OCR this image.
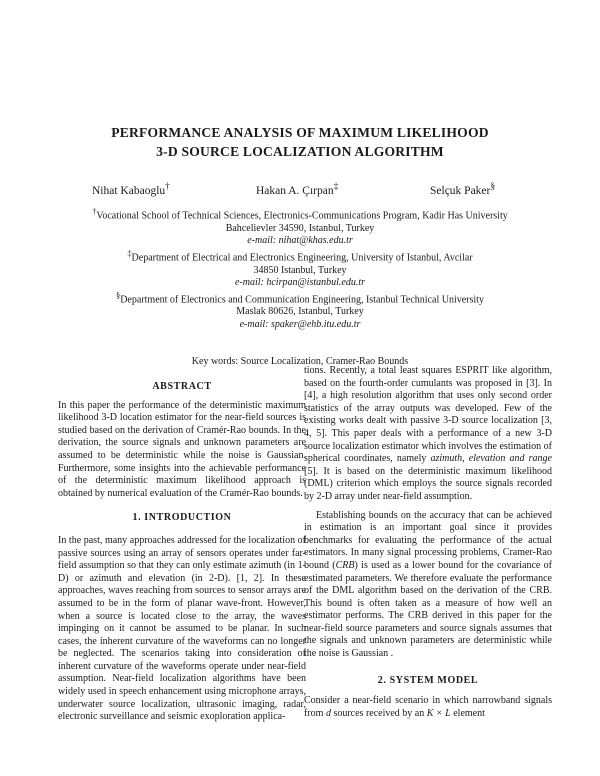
PERFORMANCE ANALYSIS OF MAXIMUM LIKELIHOOD
3-D SOURCE LOCALIZATION ALGORITHM
Nihat Kabaoglu†	Hakan A. Çırpan‡	Selçuk Paker§
†Vocational School of Technical Sciences, Electronics-Communications Program, Kadir Has University
Bahcelievler 34590, Istanbul, Turkey
e-mail: nihat@khas.edu.tr
‡Department of Electrical and Electronics Engineering, University of Istanbul, Avcilar
34850 Istanbul, Turkey
e-mail: hcirpan@istanbul.edu.tr
§Department of Electronics and Communication Engineering, Istanbul Technical University
Maslak 80626, Istanbul, Turkey
e-mail: spaker@ehb.itu.edu.tr
Key words: Source Localization, Cramer-Rao Bounds
ABSTRACT

In this paper the performance of the deterministic maximum likelihood 3-D location estimator for the near-field sources is studied based on the derivation of Cramér-Rao bounds. In the derivation, the source signals and unknown parameters are assumed to be deterministic while the noise is Gaussian. Furthermore, some insights into the achievable performance of the deterministic maximum likelihood approach is obtained by numerical evaluation of the Cramér-Rao bounds.

1. INTRODUCTION

In the past, many approaches addressed for the localization of passive sources using an array of sensors operates under far-field assumption so that they can only estimate azimuth (in 1-D) or azimuth and elevation (in 2-D). [1, 2]. In these approaches, waves reaching from sources to sensor arrays are assumed to be in the form of planar wave-front. However, when a source is located close to the array, the waves impinging on it cannot be assumed to be planar. In such cases, the inherent curvature of the waveforms can no longer be neglected. The scenarios taking into consideration of inherent curvature of the waveforms operate under near-field assumption. Near-field localization algorithms have been widely used in speech enhancement using microphone arrays, underwater source localization, ultrasonic imaging, radar, electronic surveillance and seismic exoploration applica-

tions. Recently, a total least squares ESPRIT like algorithm, based on the fourth-order cumulants was proposed in [3]. In [4], a high resolution algorithm that uses only second order statistics of the array outputs was developed. Few of the existing works dealt with passive 3-D source localization [3, 4, 5]. This paper deals with a performance of a new 3-D source localization estimator which involves the estimation of spherical coordinates, namely azimuth, elevation and range [5]. It is based on the deterministic maximum likelihood (DML) criterion which employs the source signals recorded by 2-D array under near-field assumption.

Establishing bounds on the accuracy that can be achieved in estimation is an important goal since it provides benchmarks for evaluating the performance of the actual estimators. In many signal processing problems, Cramer-Rao bound (CRB) is used as a lower bound for the covariance of estimated parameters. We therefore evaluate the performance of the DML algorithm based on the derivation of the CRB. This bound is often taken as a measure of how well an estimator performs. The CRB derived in this paper for the near-field source parameters and source signals assumes that the signals and unknown parameters are deterministic while the noise is Gaussian .

2. SYSTEM MODEL

Consider a near-field scenario in which narrowband signals from d sources received by an K × L element
